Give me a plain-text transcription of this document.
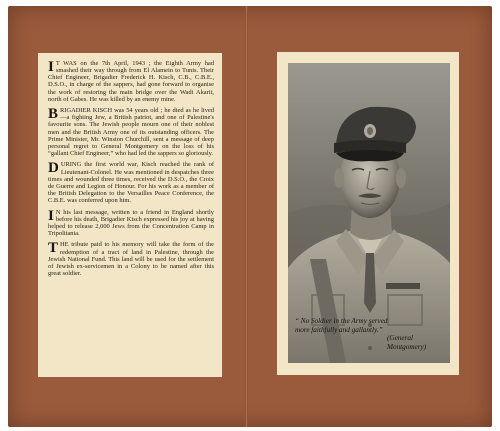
I T WAS on the 7th April, 1943 ; the Eighth Army had smashed their way through from El Alamein to Tunis. Their Chief Engineer, Brigadier Frederick H. Kisch, C.B., C.B.E., D.S.O., in charge of the sappers, had gone forward to organise the work of restoring the main bridge over the Wadi Akarit, north of Gabes. He was killed by an enemy mine.

BRIGADIER KISCH was 54 years old ; he died as he lived—a fighting Jew, a British patriot, and one of Palestine's favourite sons. The Jewish people mourn one of their noblest men and the British Army one of its outstanding officers. The Prime Minister, Mr. Winston Churchill, sent a message of deep personal regret to General Montgomery on the loss of his “gallant Chief Engineer,” who had led the sappers so gloriously.

DURING the first world war, Kisch reached the rank of Lieutenant-Colonel. He was mentioned in despatches three times and wounded three times, received the D.S.O., the Croix de Guerre and Legion of Honour. For his work as a member of the British Delegation to the Versailles Peace Conference, the C.B.E. was conferred upon him.

I N his last message, written to a friend in England shortly before his death, Brigadier Kisch expressed his joy at having helped to release 2,000 Jews from the Concentration Camp in Tripolitania.

THE tribute paid to his memory will take the form of the redemption of a tract of land in Palestine, through the Jewish National Fund. This land will be used for the settlement of Jewish ex-servicemen in a Colony to be named after this great soldier.

“ No Soldier in the Army served
more faithfully and gallantly.”
(General Montgomery)
